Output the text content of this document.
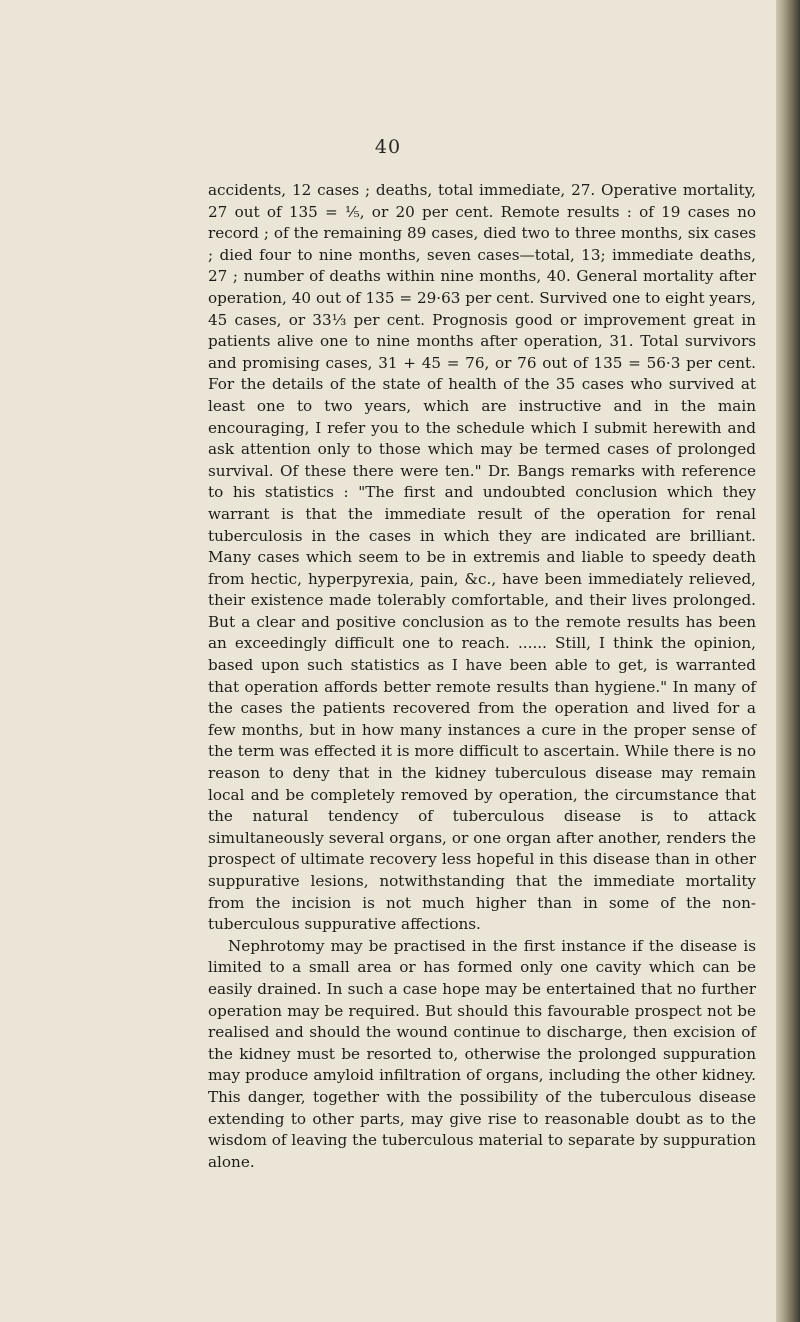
40

accidents, 12 cases ; deaths, total immediate, 27. Operative mortality, 27 out of 135 = ⅕, or 20 per cent. Remote results : of 19 cases no record ; of the remaining 89 cases, died two to three months, six cases ; died four to nine months, seven cases—total, 13; immediate deaths, 27 ; number of deaths within nine months, 40. General mortality after operation, 40 out of 135 = 29·63 per cent. Survived one to eight years, 45 cases, or 33⅓ per cent. Prognosis good or improvement great in patients alive one to nine months after operation, 31. Total survivors and promising cases, 31 + 45 = 76, or 76 out of 135 = 56·3 per cent. For the details of the state of health of the 35 cases who survived at least one to two years, which are instructive and in the main encouraging, I refer you to the schedule which I submit herewith and ask attention only to those which may be termed cases of prolonged survival. Of these there were ten." Dr. Bangs remarks with reference to his statistics : "The first and undoubted conclusion which they warrant is that the immediate result of the operation for renal tuberculosis in the cases in which they are indicated are brilliant. Many cases which seem to be in extremis and liable to speedy death from hectic, hyperpyrexia, pain, &c., have been immediately relieved, their existence made tolerably comfortable, and their lives prolonged. But a clear and positive conclusion as to the remote results has been an exceedingly difficult one to reach. ...... Still, I think the opinion, based upon such statistics as I have been able to get, is warranted that operation affords better remote results than hygiene." In many of the cases the patients recovered from the operation and lived for a few months, but in how many instances a cure in the proper sense of the term was effected it is more difficult to ascertain. While there is no reason to deny that in the kidney tuberculous disease may remain local and be completely removed by operation, the circumstance that the natural tendency of tuberculous disease is to attack simultaneously several organs, or one organ after another, renders the prospect of ultimate recovery less hopeful in this disease than in other suppurative lesions, notwithstanding that the immediate mortality from the incision is not much higher than in some of the non-tuberculous suppurative affections.

Nephrotomy may be practised in the first instance if the disease is limited to a small area or has formed only one cavity which can be easily drained. In such a case hope may be entertained that no further operation may be required. But should this favourable prospect not be realised and should the wound continue to discharge, then excision of the kidney must be resorted to, otherwise the prolonged suppuration may produce amyloid infiltration of organs, including the other kidney. This danger, together with the possibility of the tuberculous disease extending to other parts, may give rise to reasonable doubt as to the wisdom of leaving the tuberculous material to separate by suppuration alone.
